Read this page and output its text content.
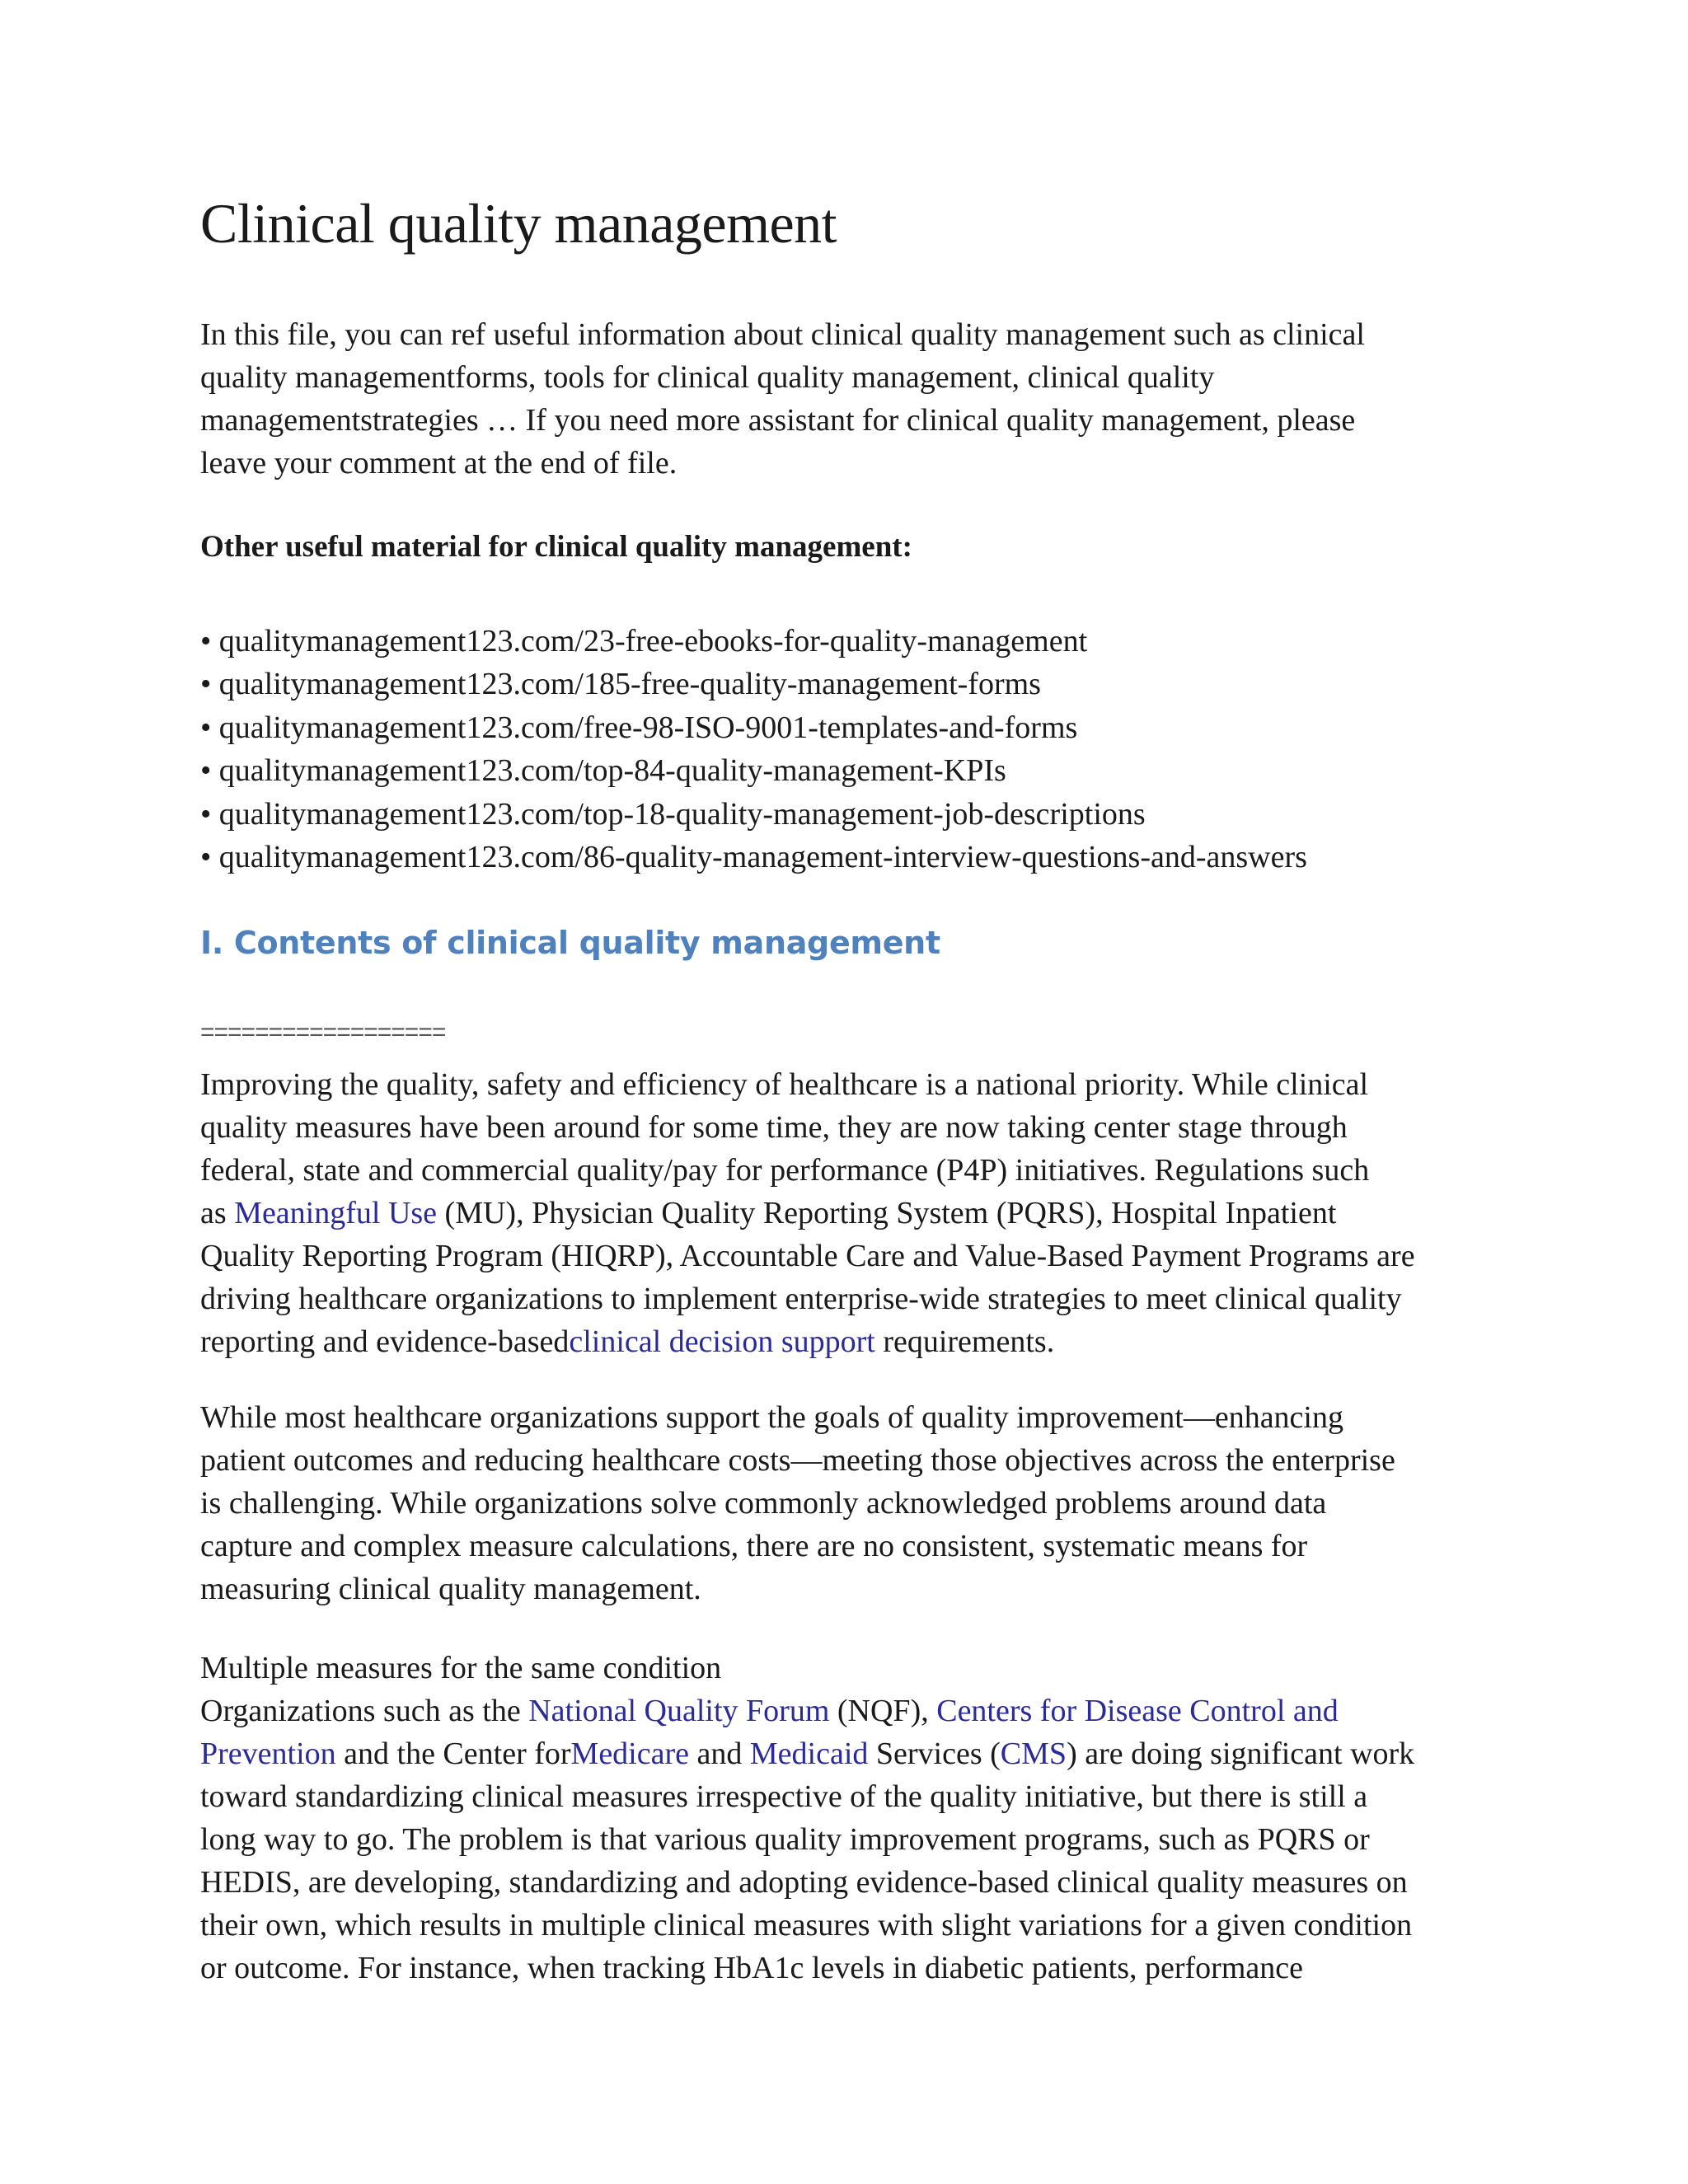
Clinical quality management

In this file, you can ref useful information about clinical quality management such as clinical
quality managementforms, tools for clinical quality management, clinical quality
managementstrategies … If you need more assistant for clinical quality management, please
leave your comment at the end of file.

Other useful material for clinical quality management:
• qualitymanagement123.com/23-free-ebooks-for-quality-management
• qualitymanagement123.com/185-free-quality-management-forms
• qualitymanagement123.com/free-98-ISO-9001-templates-and-forms
• qualitymanagement123.com/top-84-quality-management-KPIs
• qualitymanagement123.com/top-18-quality-management-job-descriptions
• qualitymanagement123.com/86-quality-management-interview-questions-and-answers
I. Contents of clinical quality management
==================

Improving the quality, safety and efficiency of healthcare is a national priority. While clinical
quality measures have been around for some time, they are now taking center stage through
federal, state and commercial quality/pay for performance (P4P) initiatives. Regulations such
as Meaningful Use (MU), Physician Quality Reporting System (PQRS), Hospital Inpatient
Quality Reporting Program (HIQRP), Accountable Care and Value-Based Payment Programs are
driving healthcare organizations to implement enterprise-wide strategies to meet clinical quality
reporting and evidence-basedclinical decision support requirements.

While most healthcare organizations support the goals of quality improvement—enhancing
patient outcomes and reducing healthcare costs—meeting those objectives across the enterprise
is challenging. While organizations solve commonly acknowledged problems around data
capture and complex measure calculations, there are no consistent, systematic means for
measuring clinical quality management.

Multiple measures for the same condition
Organizations such as the National Quality Forum (NQF), Centers for Disease Control and
Prevention and the Center forMedicare and Medicaid Services (CMS) are doing significant work
toward standardizing clinical measures irrespective of the quality initiative, but there is still a
long way to go. The problem is that various quality improvement programs, such as PQRS or
HEDIS, are developing, standardizing and adopting evidence-based clinical quality measures on
their own, which results in multiple clinical measures with slight variations for a given condition
or outcome. For instance, when tracking HbA1c levels in diabetic patients, performance
